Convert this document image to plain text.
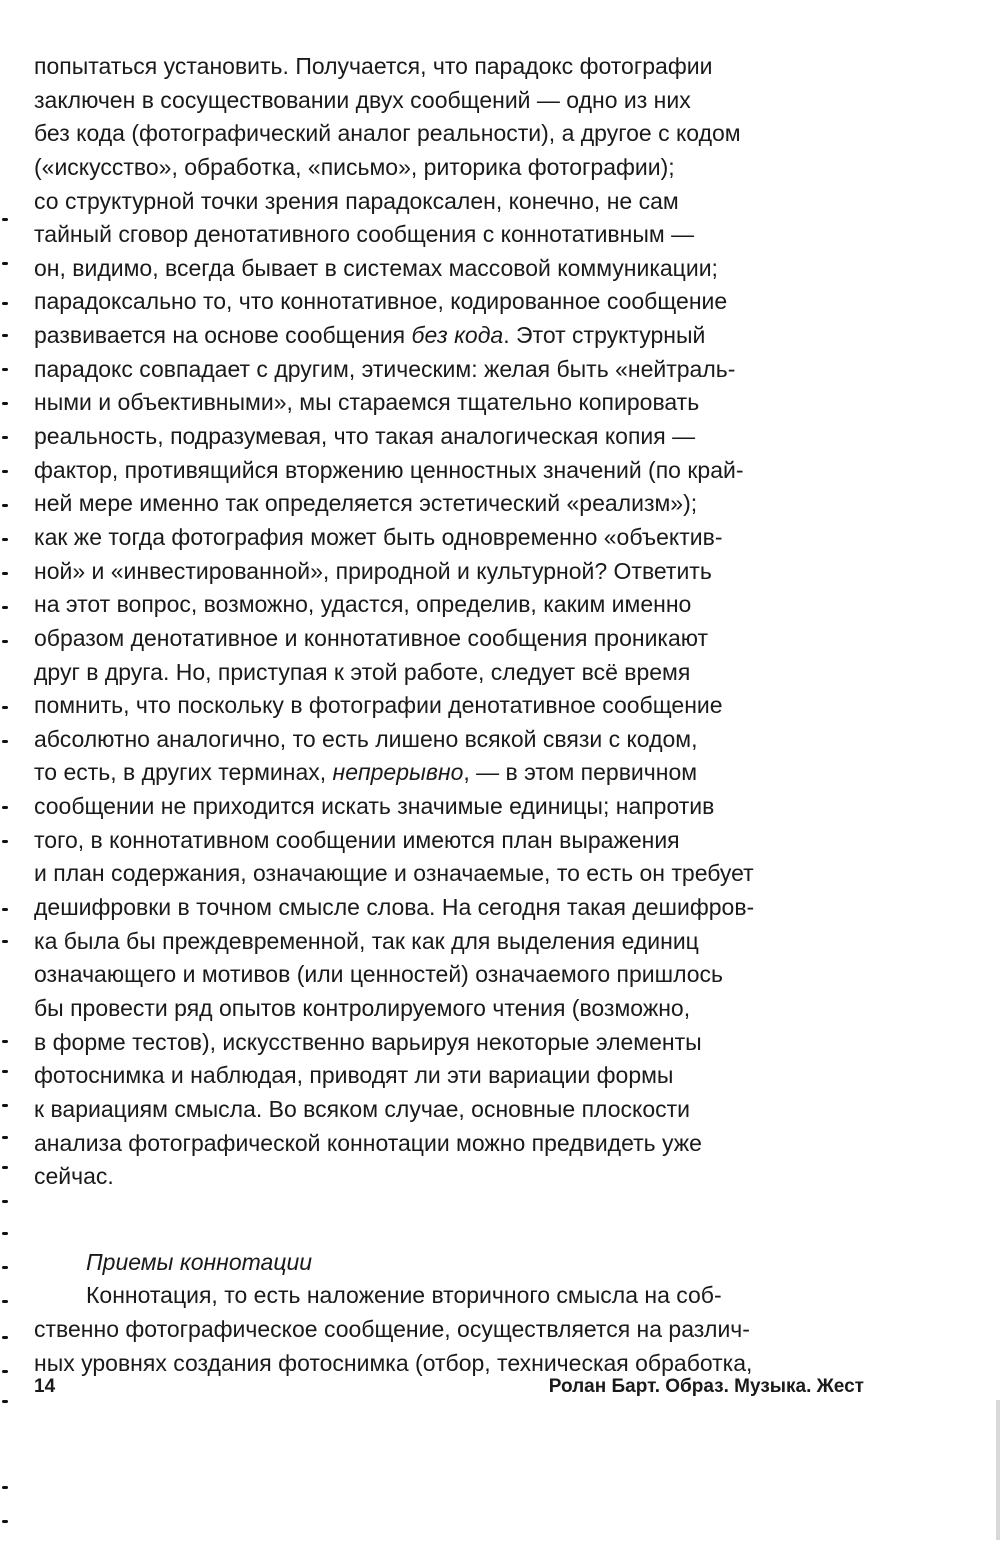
попытаться установить. Получается, что парадокс фотографии
заключен в сосуществовании двух сообщений — одно из них
без кода (фотографический аналог реальности), а другое с кодом
(«искусство», обработка, «письмо», риторика фотографии);
со структурной точки зрения парадоксален, конечно, не сам
тайный сговор денотативного сообщения с коннотативным —
он, видимо, всегда бывает в системах массовой коммуникации;
парадоксально то, что коннотативное, кодированное сообщение
развивается на основе сообщения без кода. Этот структурный
парадокс совпадает с другим, этическим: желая быть «нейтраль-
ными и объективными», мы стараемся тщательно копировать
реальность, подразумевая, что такая аналогическая копия —
фактор, противящийся вторжению ценностных значений (по край-
ней мере именно так определяется эстетический «реализм»);
как же тогда фотография может быть одновременно «объектив-
ной» и «инвестированной», природной и культурной? Ответить
на этот вопрос, возможно, удастся, определив, каким именно
образом денотативное и коннотативное сообщения проникают
друг в друга. Но, приступая к этой работе, следует всё время
помнить, что поскольку в фотографии денотативное сообщение
абсолютно аналогично, то есть лишено всякой связи с кодом,
то есть, в других терминах, непрерывно, — в этом первичном
сообщении не приходится искать значимые единицы; напротив
того, в коннотативном сообщении имеются план выражения
и план содержания, означающие и означаемые, то есть он требует
дешифровки в точном смысле слова. На сегодня такая дешифров-
ка была бы преждевременной, так как для выделения единиц
означающего и мотивов (или ценностей) означаемого пришлось
бы провести ряд опытов контролируемого чтения (возможно,
в форме тестов), искусственно варьируя некоторые элементы
фотоснимка и наблюдая, приводят ли эти вариации формы
к вариациям смысла. Во всяком случае, основные плоскости
анализа фотографической коннотации можно предвидеть уже
сейчас.
Приемы коннотации
Коннотация, то есть наложение вторичного смысла на соб-
ственно фотографическое сообщение, осуществляется на различ-
ных уровнях создания фотоснимка (отбор, техническая обработка,
14	Ролан Барт. Образ. Музыка. Жест
